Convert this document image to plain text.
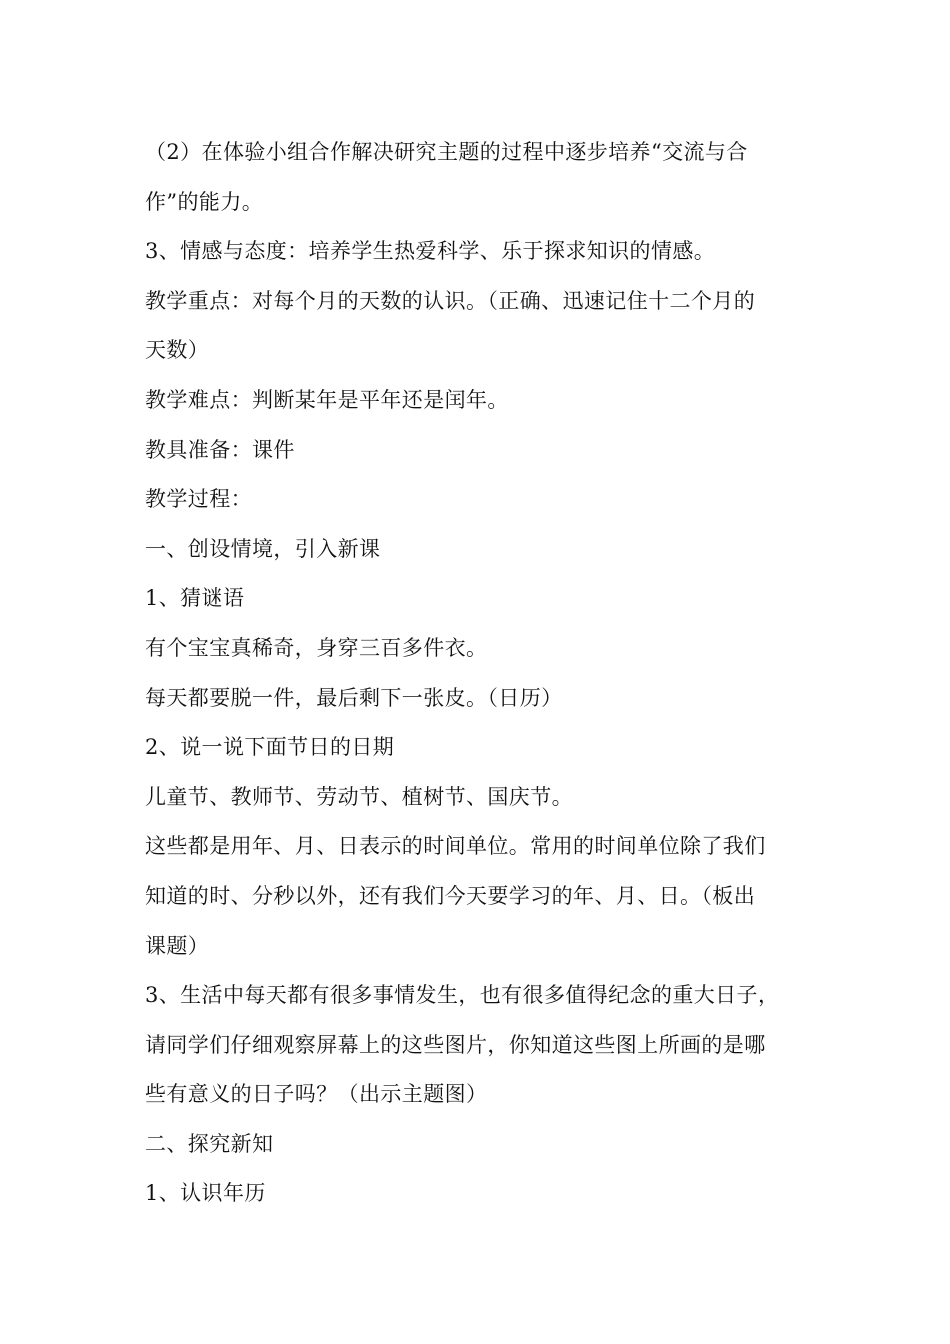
（2）在体验小组合作解决研究主题的过程中逐步培养“交流与合
作”的能力。
3、情感与态度：培养学生热爱科学、乐于探求知识的情感。
教学重点：对每个月的天数的认识。（正确、迅速记住十二个月的
天数）
教学难点：判断某年是平年还是闰年。
教具准备：课件
教学过程：
一、创设情境，引入新课
1、猜谜语
有个宝宝真稀奇，身穿三百多件衣。
每天都要脱一件，最后剩下一张皮。（日历）
2、说一说下面节日的日期
儿童节、教师节、劳动节、植树节、国庆节。
这些都是用年、月、日表示的时间单位。常用的时间单位除了我们
知道的时、分秒以外，还有我们今天要学习的年、月、日。（板出
课题）
3、生活中每天都有很多事情发生，也有很多值得纪念的重大日子，
请同学们仔细观察屏幕上的这些图片，你知道这些图上所画的是哪
些有意义的日子吗？（出示主题图）
二、探究新知
1、认识年历
